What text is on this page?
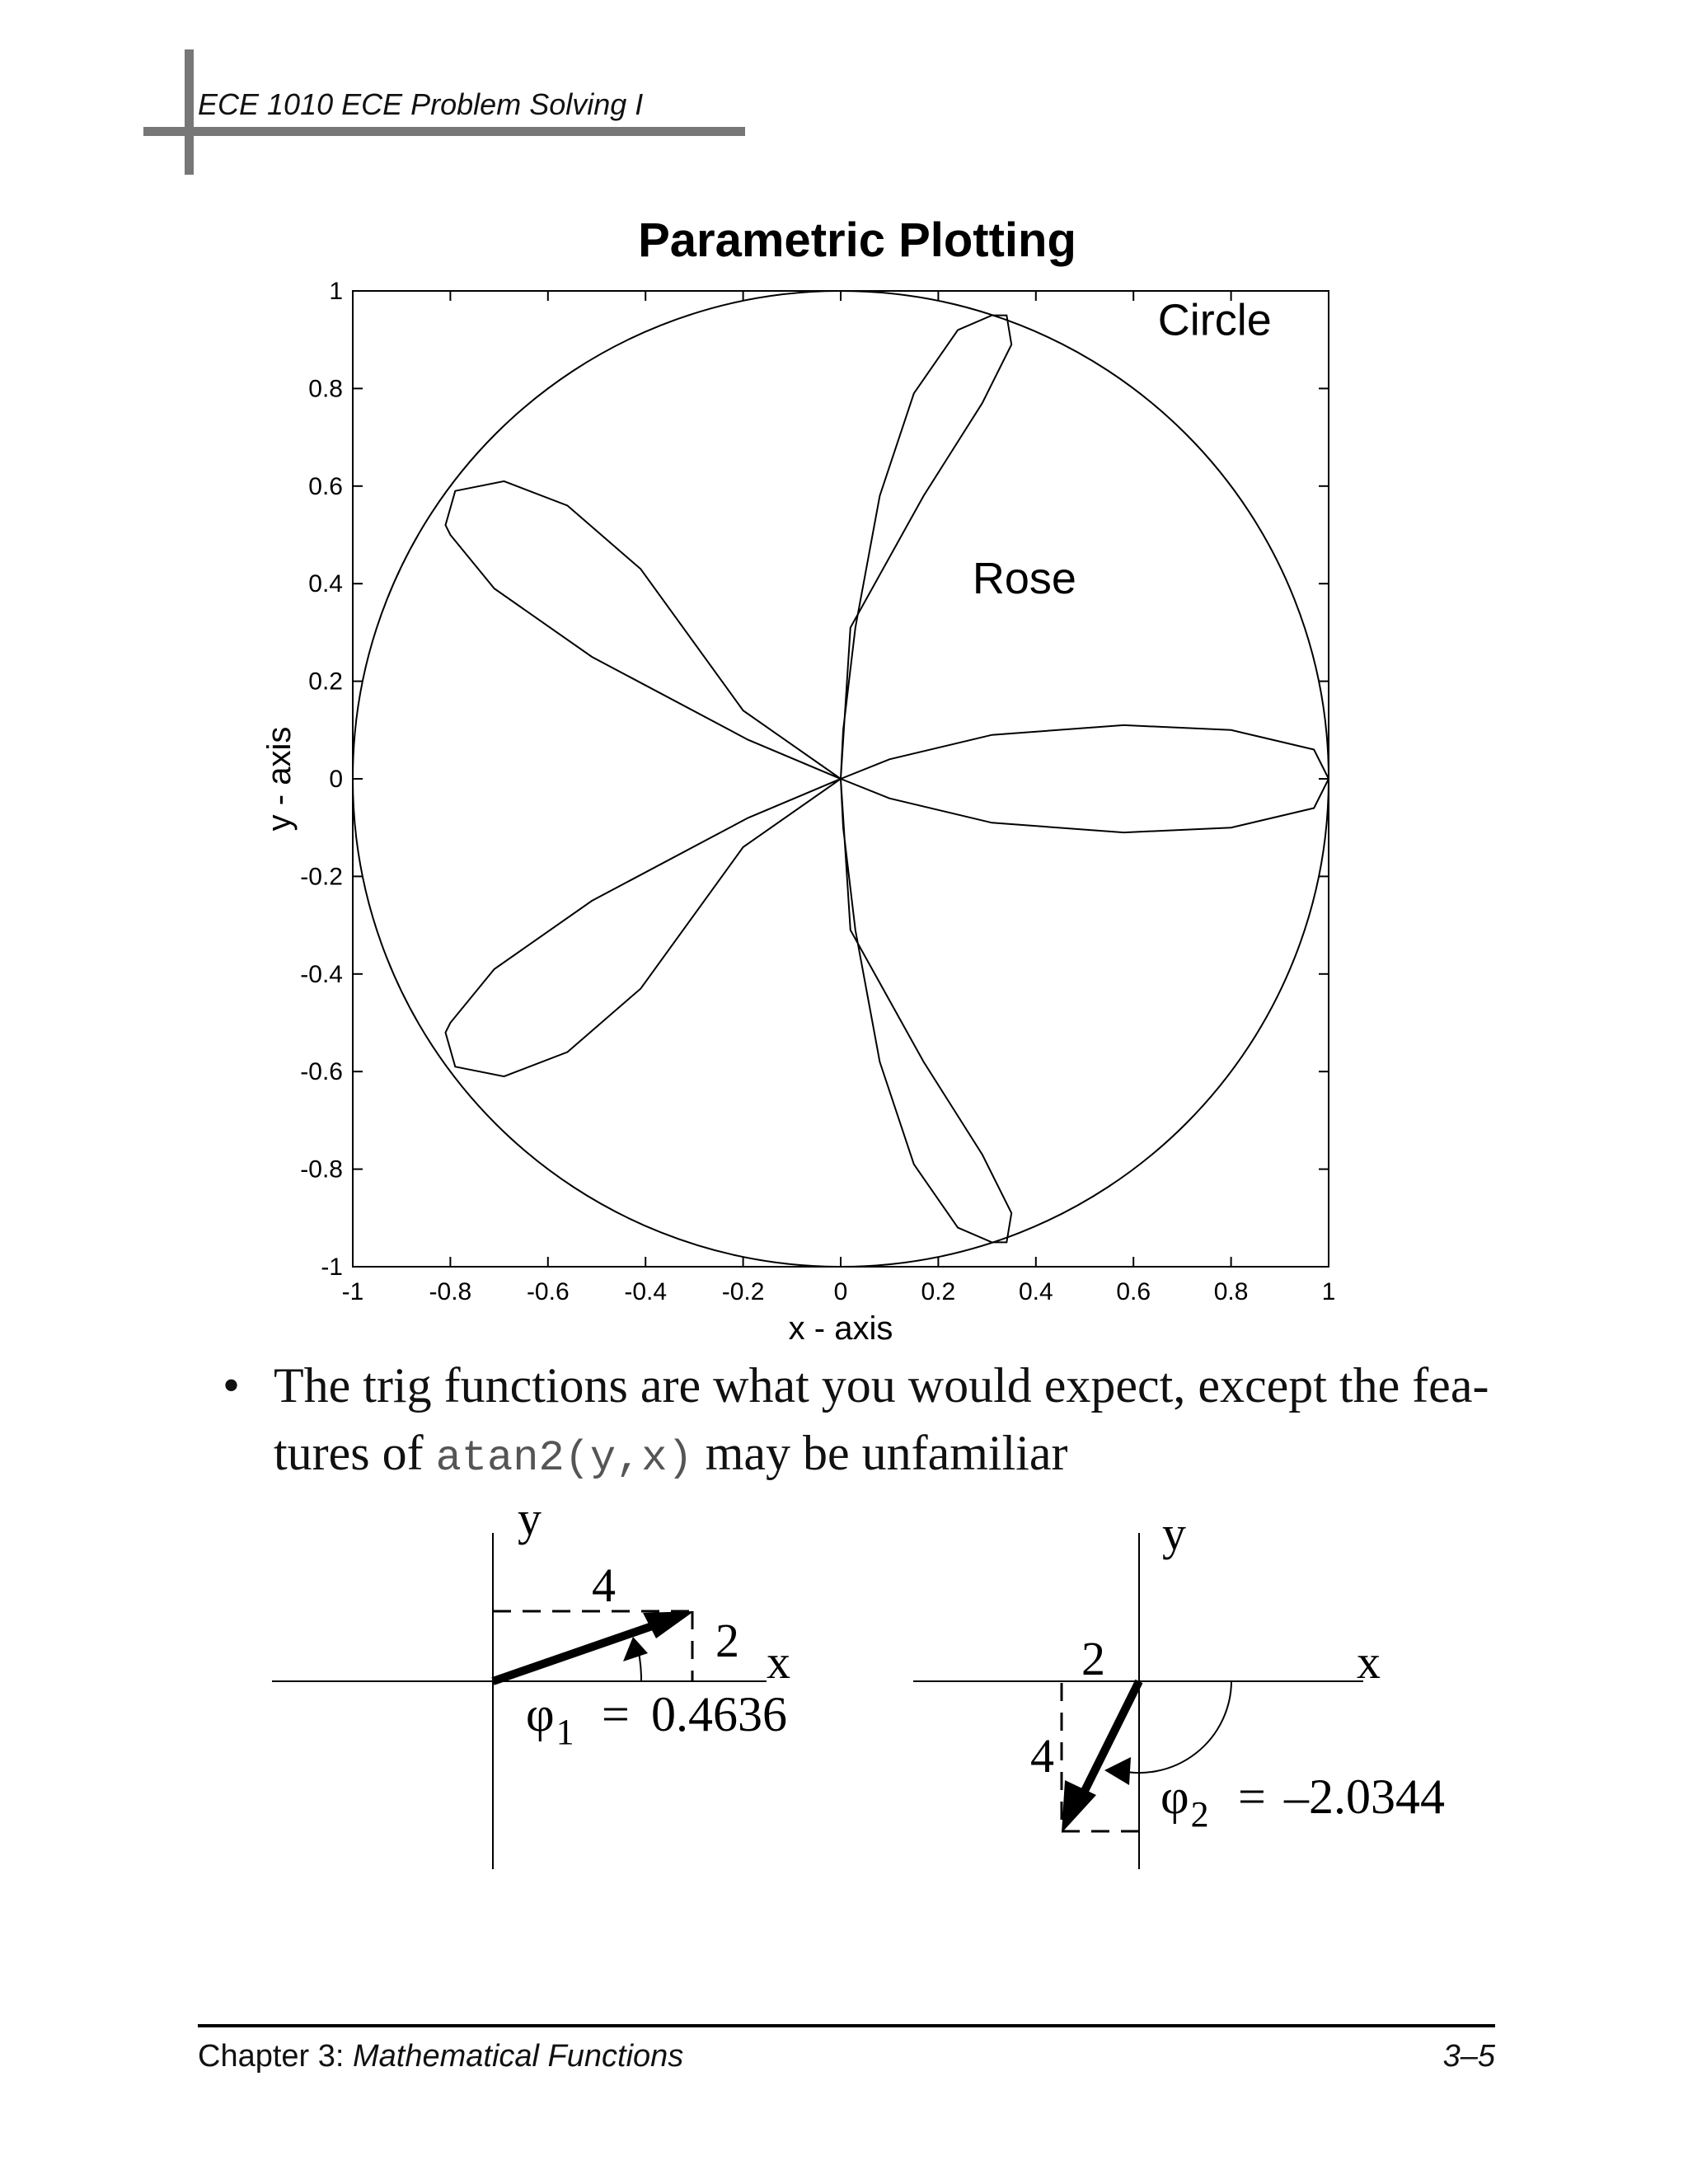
ECE 1010 ECE Problem Solving I
Parametric Plotting
-1	-0.8 -0.6 -0.4 -0.2	0	0.2	0.4	0.6	0.8	1
1
0.8
0.6
0.4
0.2
0
-0.2
-0.4
-0.6
-0.8
-1
x - axis
y - axis
Circle
Rose
• The trig functions are what you would expect, except the fea-tures of atan2(y,x) may be unfamiliar
y
x
4
2
$\varphi_1 = 0.4636$
y
x
2
4
$\varphi_2 = -2.0344$
Chapter 3: Mathematical Functions	3–5
